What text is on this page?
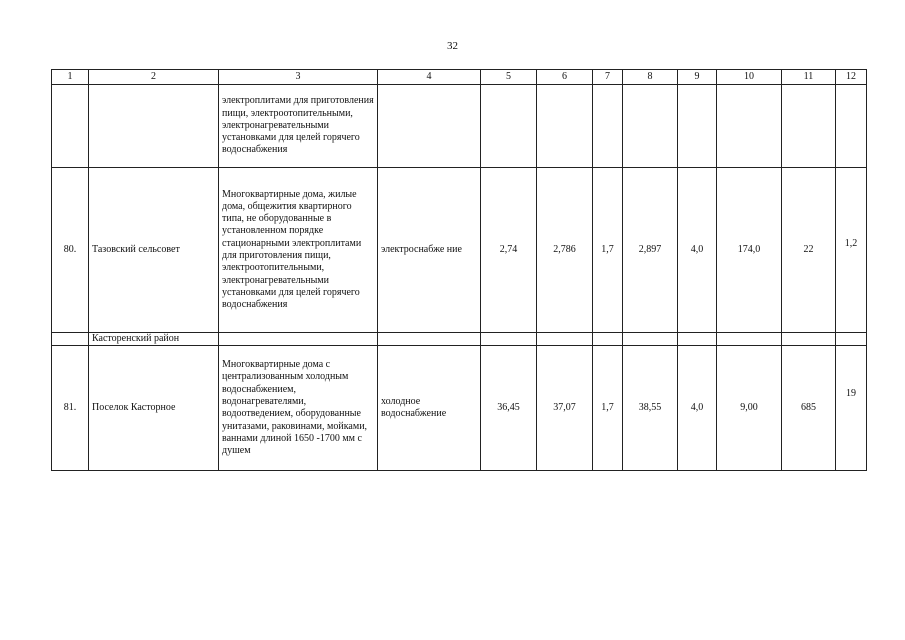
32
1	2	3	4	5	6	7	8	9	10	11	12
		электроплитами для приготовления пищи, электроотопительными, электронагревательными установками для целей горячего водоснабжения									
80.	Тазовский сельсовет	Многоквартирные дома, жилые дома, общежития квартирного типа, не оборудованные в установленном порядке стационарными электроплитами для приготовления пищи, электроотопительными, электронагревательными установками для целей горячего водоснабжения	электроснабже ние	2,74	2,786	1,7	2,897	4,0	174,0	22	1,2
	Касторенский район										
81.	Поселок Касторное	Многоквартирные дома с централизованным холодным водоснабжением, водонагревателями, водоотведением, оборудованные унитазами, раковинами, мойками, ваннами длиной 1650 -1700 мм с душем	холодное водоснабжение	36,45	37,07	1,7	38,55	4,0	9,00	685	19
